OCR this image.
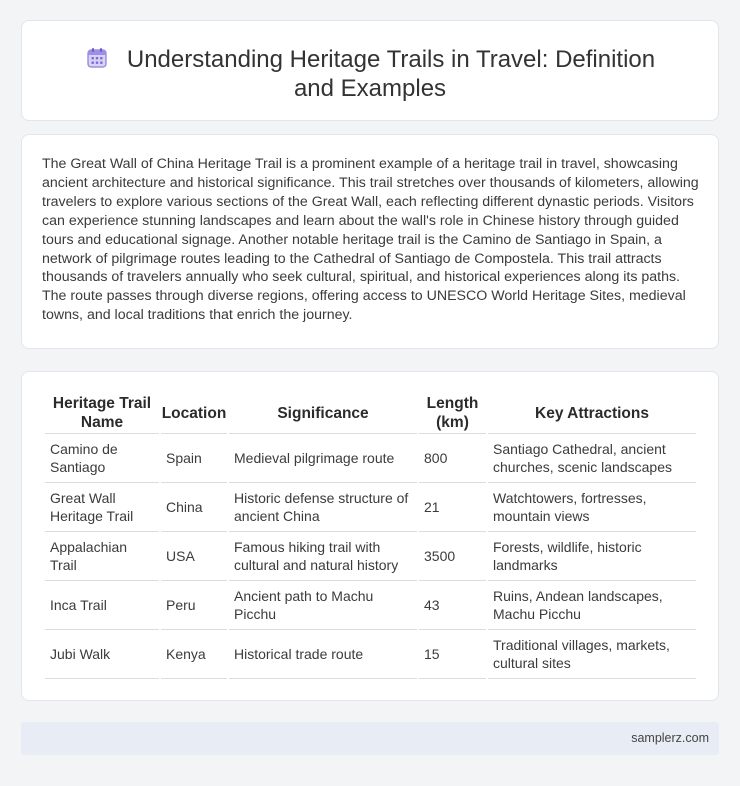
Understanding Heritage Trails in Travel: Definition and Examples

The Great Wall of China Heritage Trail is a prominent example of a heritage trail in travel, showcasing ancient architecture and historical significance. This trail stretches over thousands of kilometers, allowing travelers to explore various sections of the Great Wall, each reflecting different dynastic periods. Visitors can experience stunning landscapes and learn about the wall's role in Chinese history through guided tours and educational signage. Another notable heritage trail is the Camino de Santiago in Spain, a network of pilgrimage routes leading to the Cathedral of Santiago de Compostela. This trail attracts thousands of travelers annually who seek cultural, spiritual, and historical experiences along its paths. The route passes through diverse regions, offering access to UNESCO World Heritage Sites, medieval towns, and local traditions that enrich the journey.

Heritage Trail Name	Location	Significance	Length (km)	Key Attractions
Camino de Santiago	Spain	Medieval pilgrimage route	800	Santiago Cathedral, ancient churches, scenic landscapes
Great Wall Heritage Trail	China	Historic defense structure of ancient China	21	Watchtowers, fortresses, mountain views
Appalachian Trail	USA	Famous hiking trail with cultural and natural history	3500	Forests, wildlife, historic landmarks
Inca Trail	Peru	Ancient path to Machu Picchu	43	Ruins, Andean landscapes, Machu Picchu
Jubi Walk	Kenya	Historical trade route	15	Traditional villages, markets, cultural sites
samplerz.com
